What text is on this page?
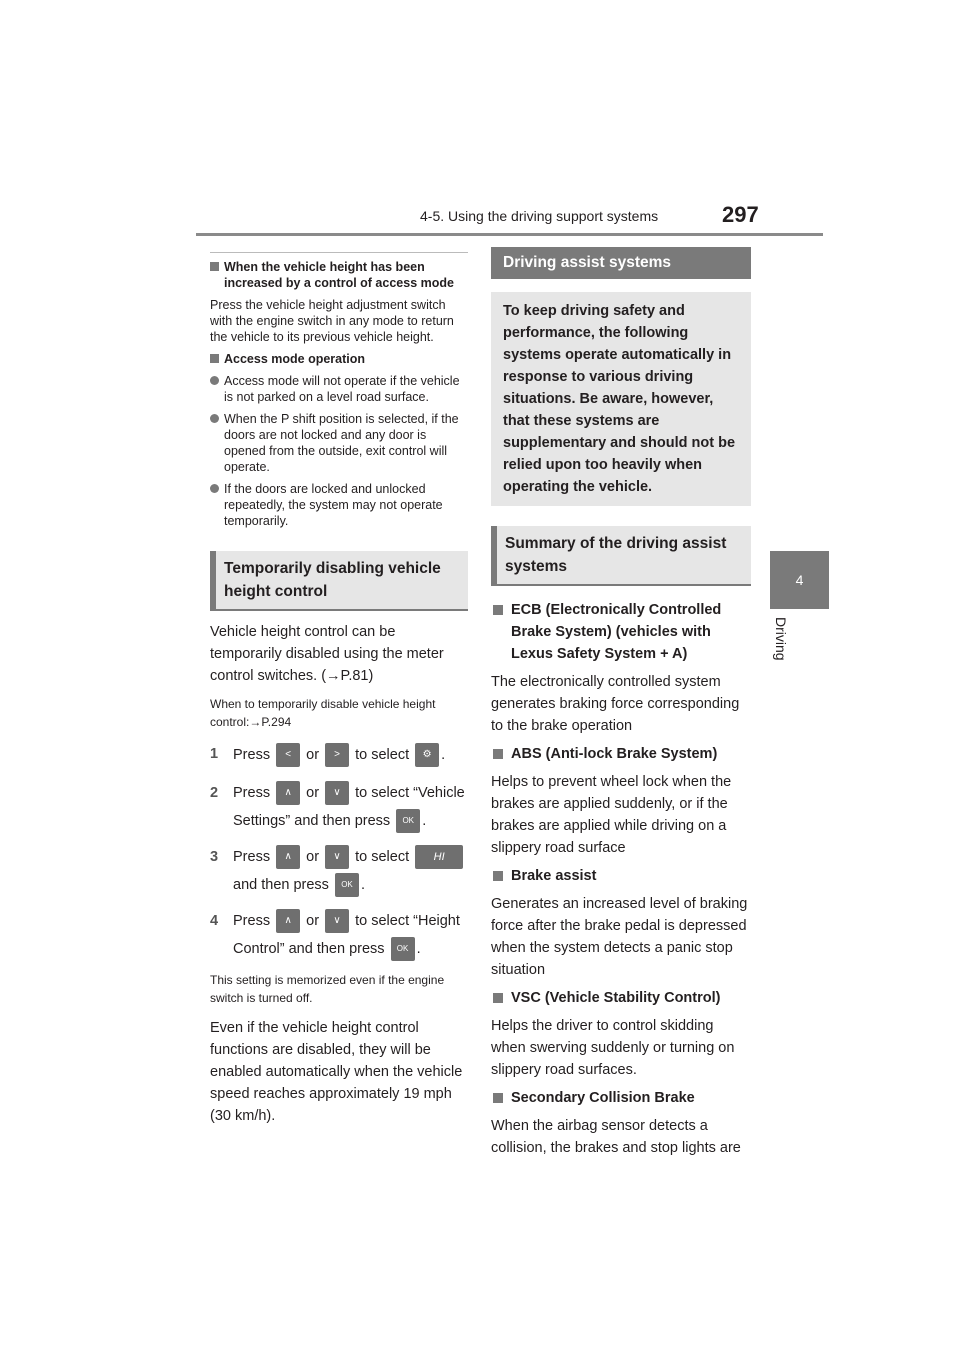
4-5. Using the driving support systems	297
4
Driving
When the vehicle height has been increased by a control of access mode
Press the vehicle height adjustment switch with the engine switch in any mode to return the vehicle to its previous vehicle height.
Access mode operation
Access mode will not operate if the vehicle is not parked on a level road surface.
When the P shift position is selected, if the doors are not locked and any door is opened from the outside, exit control will operate.
If the doors are locked and unlocked repeatedly, the system may not operate temporarily.
Temporarily disabling vehicle height control
Vehicle height control can be temporarily disabled using the meter control switches. (→P.81)
When to temporarily disable vehicle height control:→P.294
1	Press < or > to select ⚙ .
2	Press ∧ or ∨ to select “Vehicle Settings” and then press OK .
3	Press ∧ or ∨ to select HI and then press OK .
4	Press ∧ or ∨ to select “Height Control” and then press OK .
This setting is memorized even if the engine switch is turned off.
Even if the vehicle height control functions are disabled, they will be enabled automatically when the vehicle speed reaches approximately 19 mph (30 km/h).
Driving assist systems
To keep driving safety and performance, the following systems operate automatically in response to various driving situations. Be aware, however, that these systems are supplementary and should not be relied upon too heavily when operating the vehicle.
Summary of the driving assist systems
ECB (Electronically Controlled Brake System) (vehicles with Lexus Safety System + A)
The electronically controlled system generates braking force corresponding to the brake operation
ABS (Anti-lock Brake System)
Helps to prevent wheel lock when the brakes are applied suddenly, or if the brakes are applied while driving on a slippery road surface
Brake assist
Generates an increased level of braking force after the brake pedal is depressed when the system detects a panic stop situation
VSC (Vehicle Stability Control)
Helps the driver to control skidding when swerving suddenly or turning on slippery road surfaces.
Secondary Collision Brake
When the airbag sensor detects a collision, the brakes and stop lights are
